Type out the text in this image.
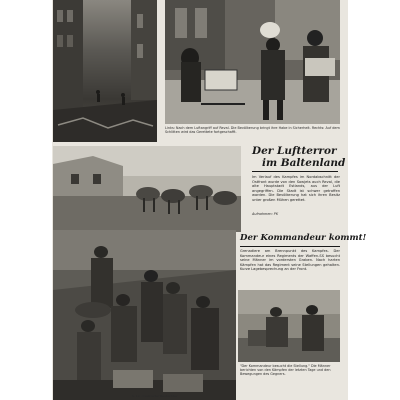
Links: Nach dem Luftangriff auf Reval. Die Bevölkerung bringt ihre Habe in Sicherheit. Rechts: Auf dem Schlitten wird das Gerettete fortgeschafft.
Der Luftterror
im Baltenland
Im Verlauf des Kampfes im Nordabschnitt der Ostfront wurde von den Sowjets auch Reval, die alte Hauptstadt Estlands, aus der Luft angegriffen. Die Stadt ist schwer getroffen worden. Die Bevölkerung hat sich ihren Besitz unter großen Mühen gerettet.
Aufnahmen: PK
Der Kommandeur kommt!
Grenadiere am Brennpunkt des Kampfes. Der Kommandeur eines Regiments der Waffen-SS besucht seine Männer im vordersten Graben. Nach harten Kämpfen hat das Regiment seine Stellungen gehalten. Kurze Lagebesprechung an der Front.
"Der Kommandeur besucht die Stellung." Die Männer berichten von den Kämpfen der letzten Tage und den Bewegungen des Gegners.
S. 10 · Illustrierter Beobachter
